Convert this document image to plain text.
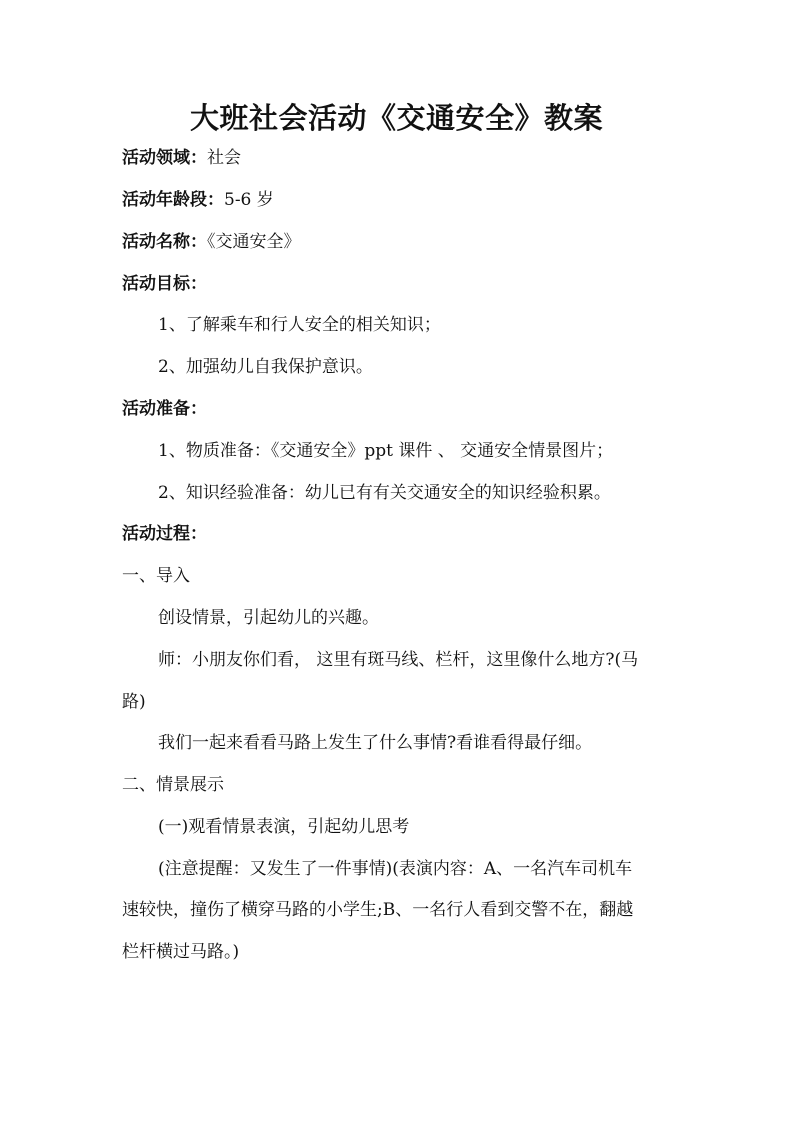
大班社会活动《交通安全》教案
活动领域：社会
活动年龄段：5-6 岁
活动名称：《交通安全》
活动目标：
1、了解乘车和行人安全的相关知识；
2、加强幼儿自我保护意识。
活动准备：
1、物质准备：《交通安全》ppt 课件 、 交通安全情景图片；
2、知识经验准备：幼儿已有有关交通安全的知识经验积累。
活动过程：
一、导入
创设情景，引起幼儿的兴趣。
师：小朋友你们看， 这里有斑马线、栏杆，这里像什么地方?(马
路)
我们一起来看看马路上发生了什么事情?看谁看得最仔细。
二、情景展示
(一)观看情景表演，引起幼儿思考
(注意提醒：又发生了一件事情)(表演内容：A、一名汽车司机车
速较快，撞伤了横穿马路的小学生;B、一名行人看到交警不在，翻越
栏杆横过马路。)
